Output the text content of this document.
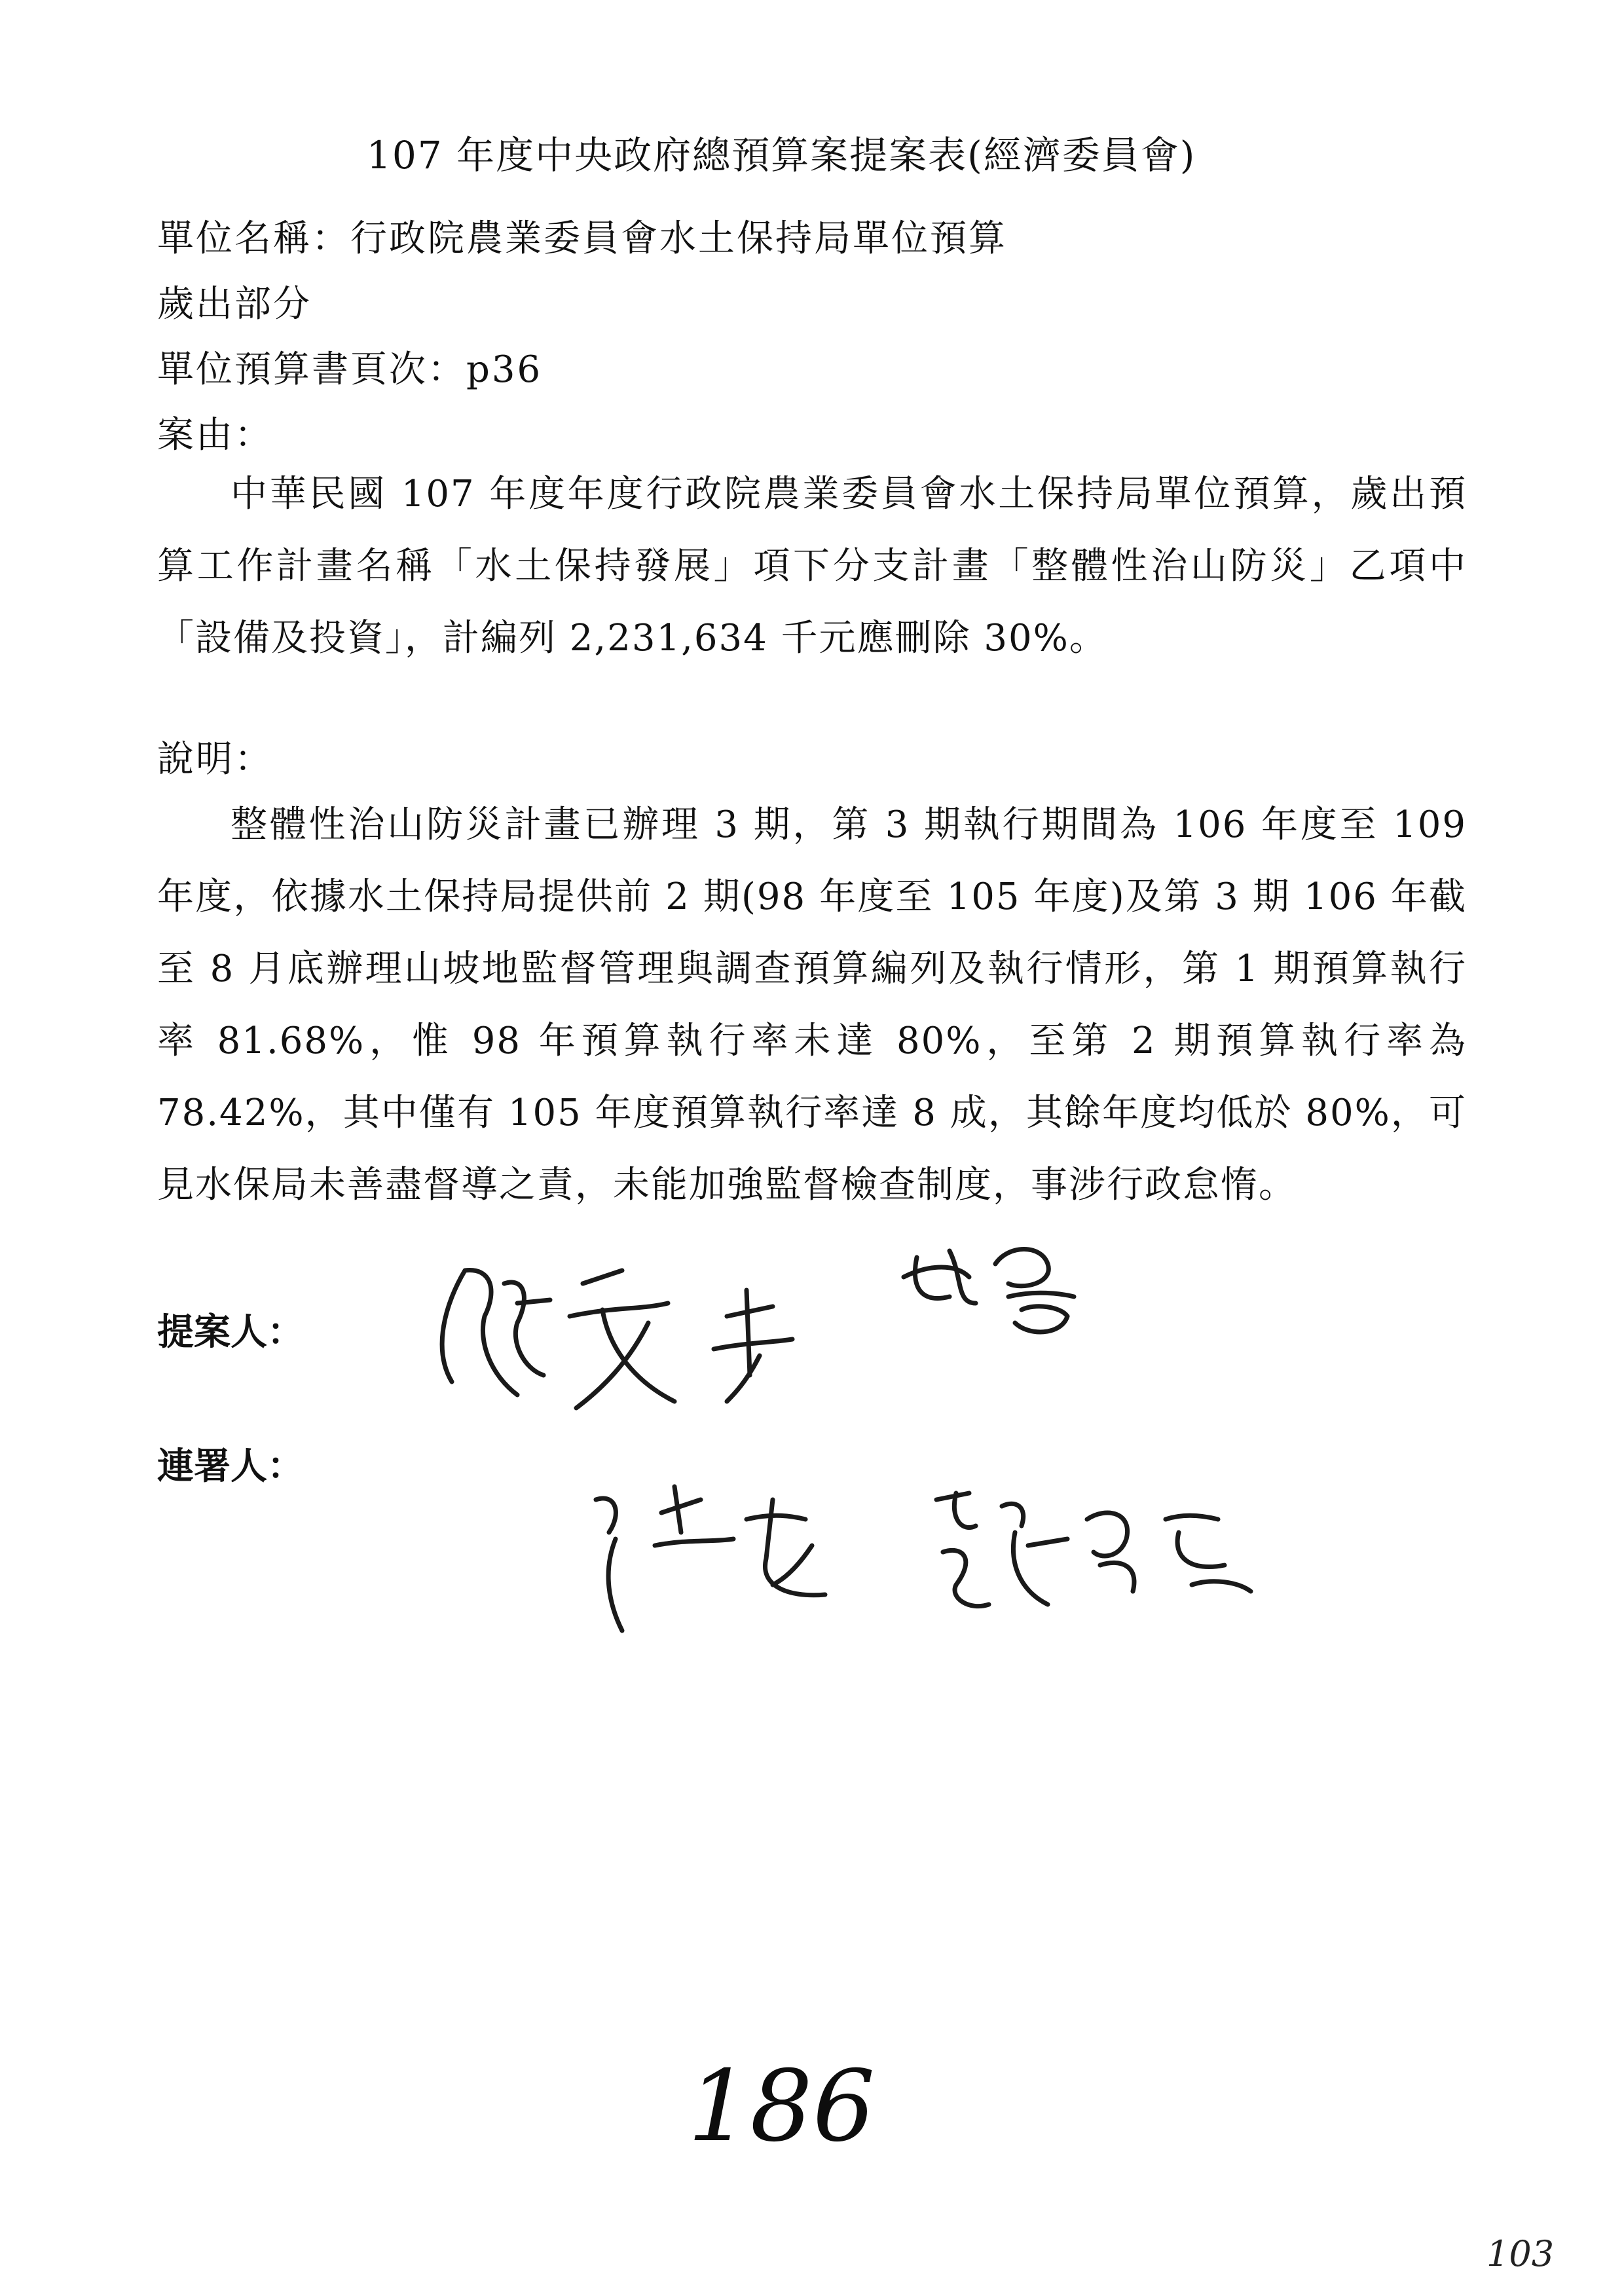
107 年度中央政府總預算案提案表(經濟委員會)
單位名稱：行政院農業委員會水土保持局單位預算
歲出部分
單位預算書頁次：p36
案由：
中華民國 107 年度年度行政院農業委員會水土保持局單位預算，歲出預算工作計畫名稱「水土保持發展」項下分支計畫「整體性治山防災」乙項中「設備及投資」，計編列 2,231,634 千元應刪除 30%。
說明：
整體性治山防災計畫已辦理 3 期，第 3 期執行期間為 106 年度至 109 年度，依據水土保持局提供前 2 期(98 年度至 105 年度)及第 3 期 106 年截至 8 月底辦理山坡地監督管理與調查預算編列及執行情形，第 1 期預算執行率 81.68%，惟 98 年預算執行率未達 80%，至第 2 期預算執行率為 78.42%，其中僅有 105 年度預算執行率達 8 成，其餘年度均低於 80%，可見水保局未善盡督導之責，未能加強監督檢查制度，事涉行政怠惰。
提案人：
連署人：
186
103
